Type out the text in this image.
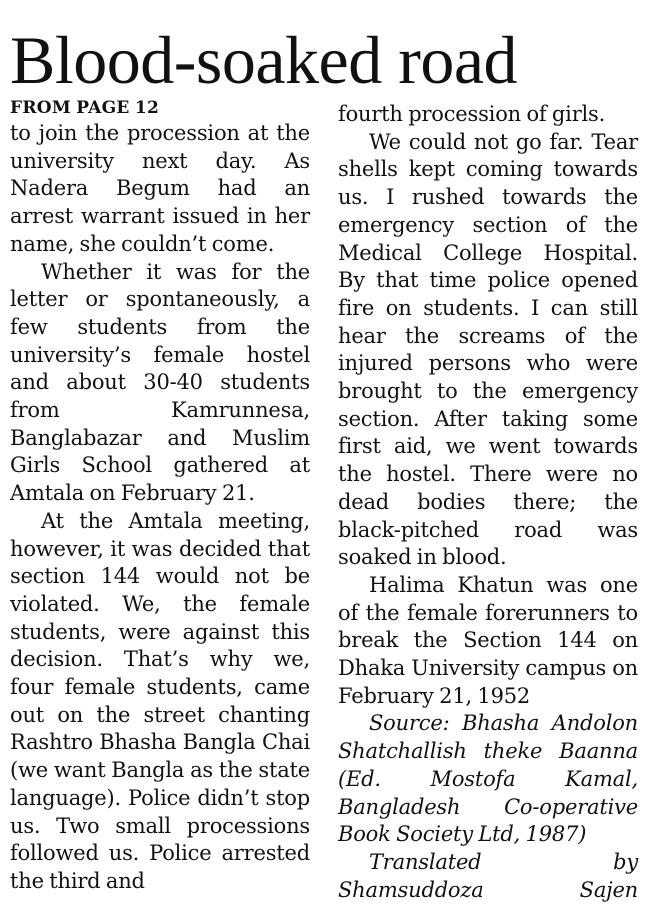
Blood-soaked road
FROM PAGE 12

to join the procession at the university next day. As Nadera Begum had an arrest warrant issued in her name, she couldn’t come.

Whether it was for the letter or spontaneously, a few students from the university’s female hostel and about 30-40 students from Kamrunnesa, Banglabazar and Muslim Girls School gathered at Amtala on February 21.

At the Amtala meeting, however, it was decided that section 144 would not be violated. We, the female students, were against this decision. That’s why we, four female students, came out on the street chanting Rashtro Bhasha Bangla Chai (we want Bangla as the state language). Police didn’t stop us. Two small processions followed us. Police arrested the third and

fourth procession of girls.

We could not go far. Tear shells kept coming towards us. I rushed towards the emergency section of the Medical College Hospital. By that time police opened fire on students. I can still hear the screams of the injured persons who were brought to the emergency section. After taking some first aid, we went towards the hostel. There were no dead bodies there; the black-pitched road was soaked in blood.

Halima Khatun was one of the female forerunners to break the Section 144 on Dhaka University campus on February 21, 1952

Source: Bhasha Andolon Shatchallish theke Baanna (Ed. Mostofa Kamal, Bangladesh Co-operative Book Society Ltd, 1987)

Translated by Shamsuddoza Sajen
